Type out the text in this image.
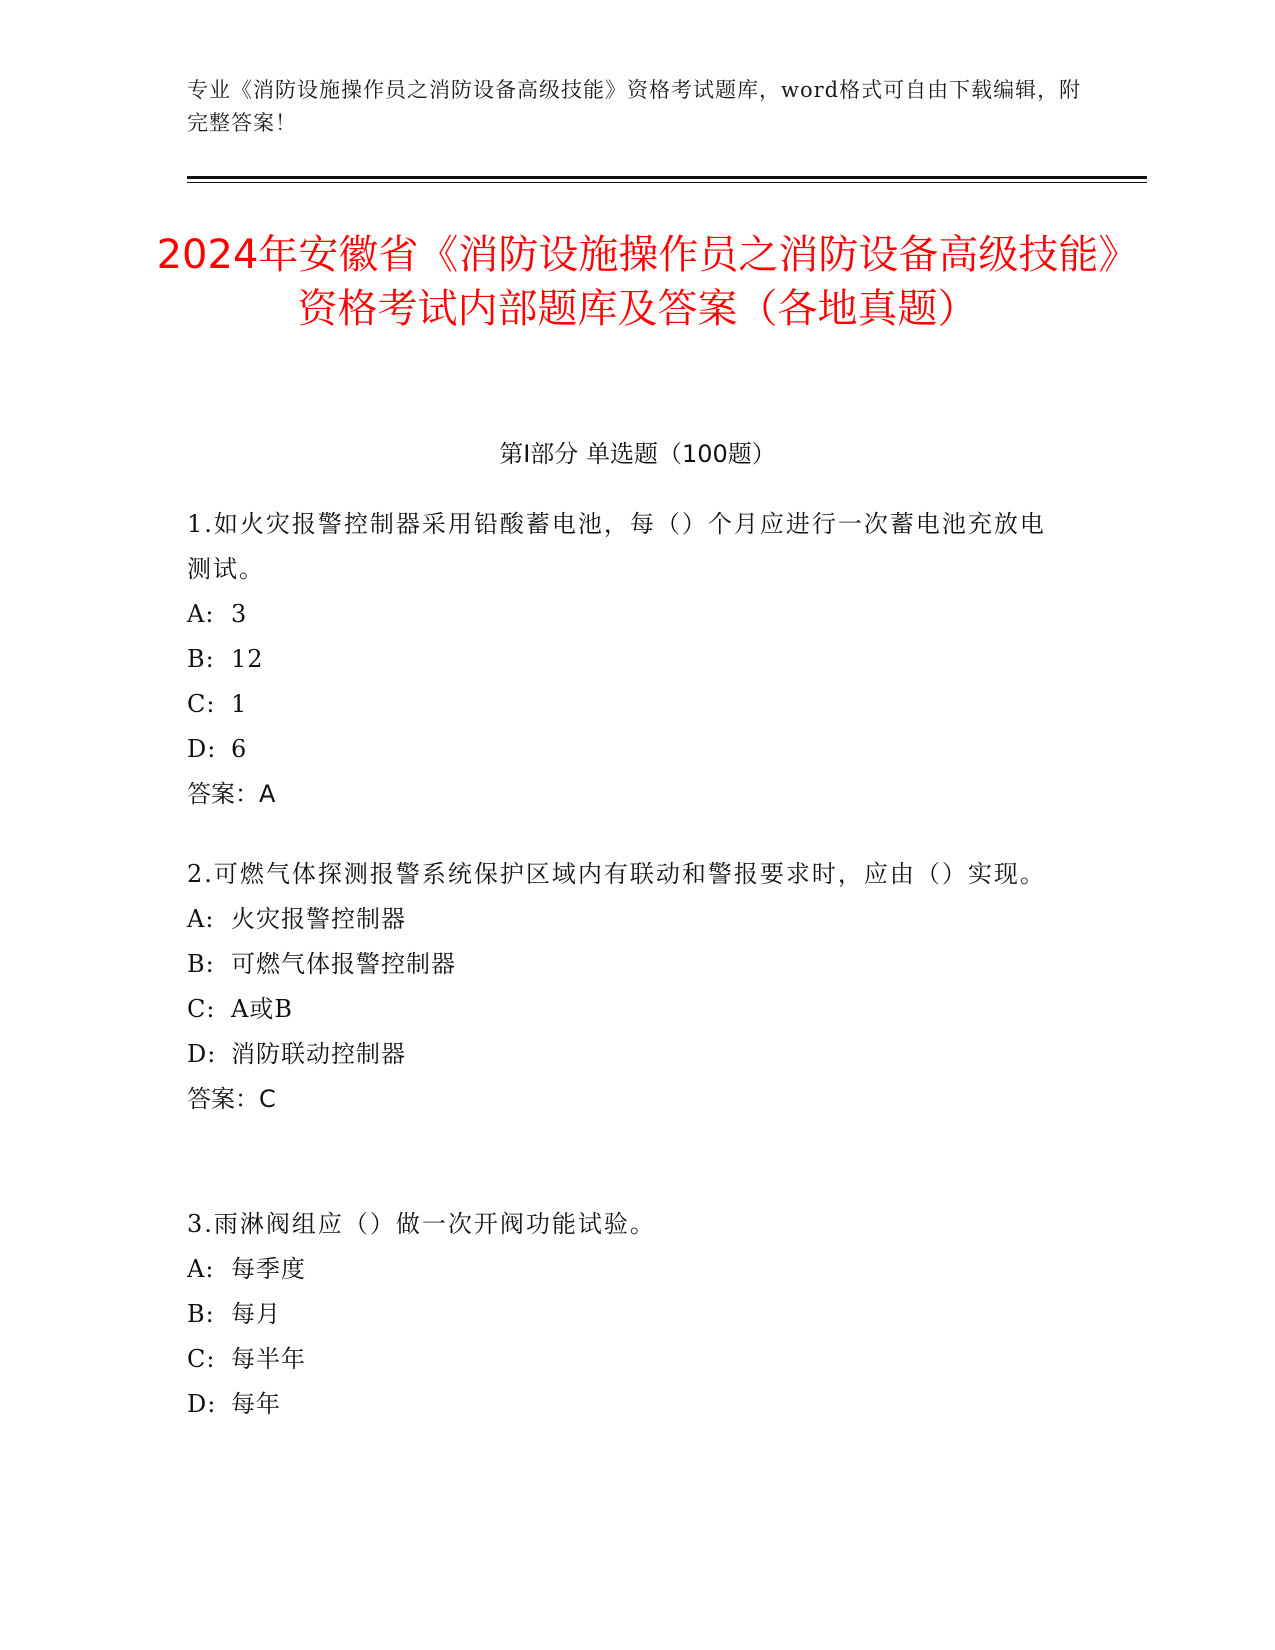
专业《消防设施操作员之消防设备高级技能》资格考试题库，word格式可自由下载编辑，附完整答案！
2024年安徽省《消防设施操作员之消防设备高级技能》资格考试内部题库及答案（各地真题）
第I部分 单选题（100题）

1.如火灾报警控制器采用铅酸蓄电池，每（）个月应进行一次蓄电池充放电测试。

A: 3

B: 12

C: 1

D: 6

答案：A

2.可燃气体探测报警系统保护区域内有联动和警报要求时，应由（）实现。

A: 火灾报警控制器

B: 可燃气体报警控制器

C: A或B

D: 消防联动控制器

答案：C

3.雨淋阀组应（）做一次开阀功能试验。

A: 每季度

B: 每月

C: 每半年

D: 每年
